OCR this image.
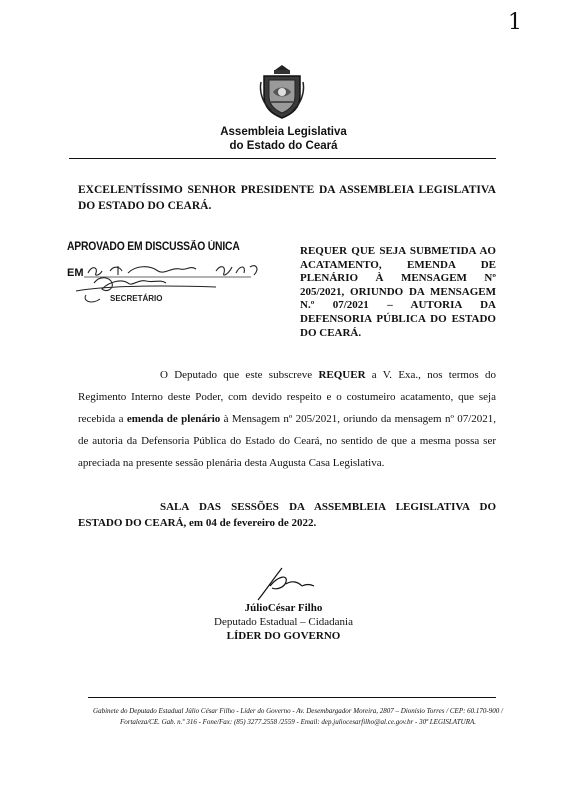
1
Assembleia Legislativa
do Estado do Ceará
EXCELENTÍSSIMO SENHOR PRESIDENTE DA ASSEMBLEIA LEGISLATIVA DO ESTADO DO CEARÁ.
APROVADO EM DISCUSSÃO ÚNICA
EM
SECRETÁRIO
REQUER QUE SEJA SUBMETIDA AO ACATAMENTO, EMENDA DE PLENÁRIO À MENSAGEM Nº 205/2021, ORIUNDO DA MENSAGEM N.º 07/2021 – AUTORIA DA DEFENSORIA PÚBLICA DO ESTADO DO CEARÁ.
O Deputado que este subscreve REQUER a V. Exa., nos termos do Regimento Interno deste Poder, com devido respeito e o costumeiro acatamento, que seja recebida a emenda de plenário à Mensagem nº 205/2021, oriundo da mensagem nº 07/2021, de autoria da Defensoria Pública do Estado do Ceará, no sentido de que a mesma possa ser apreciada na presente sessão plenária desta Augusta Casa Legislativa.
SALA DAS SESSÕES DA ASSEMBLEIA LEGISLATIVA DO ESTADO DO CEARÁ, em 04 de fevereiro de 2022.
JúlioCésar Filho
Deputado Estadual – Cidadania
LÍDER DO GOVERNO
Gabinete do Deputado Estadual Júlio César Filho - Líder do Governo - Av. Desembargador Moreira, 2807 – Dionísio Torres / CEP: 60.170-900 /
Fortaleza/CE. Gab. n.º 316 - Fone/Fax: (85) 3277.2558 /2559 - Email: dep.juliocesarfilho@al.ce.gov.br - 30ª LEGISLATURA.
